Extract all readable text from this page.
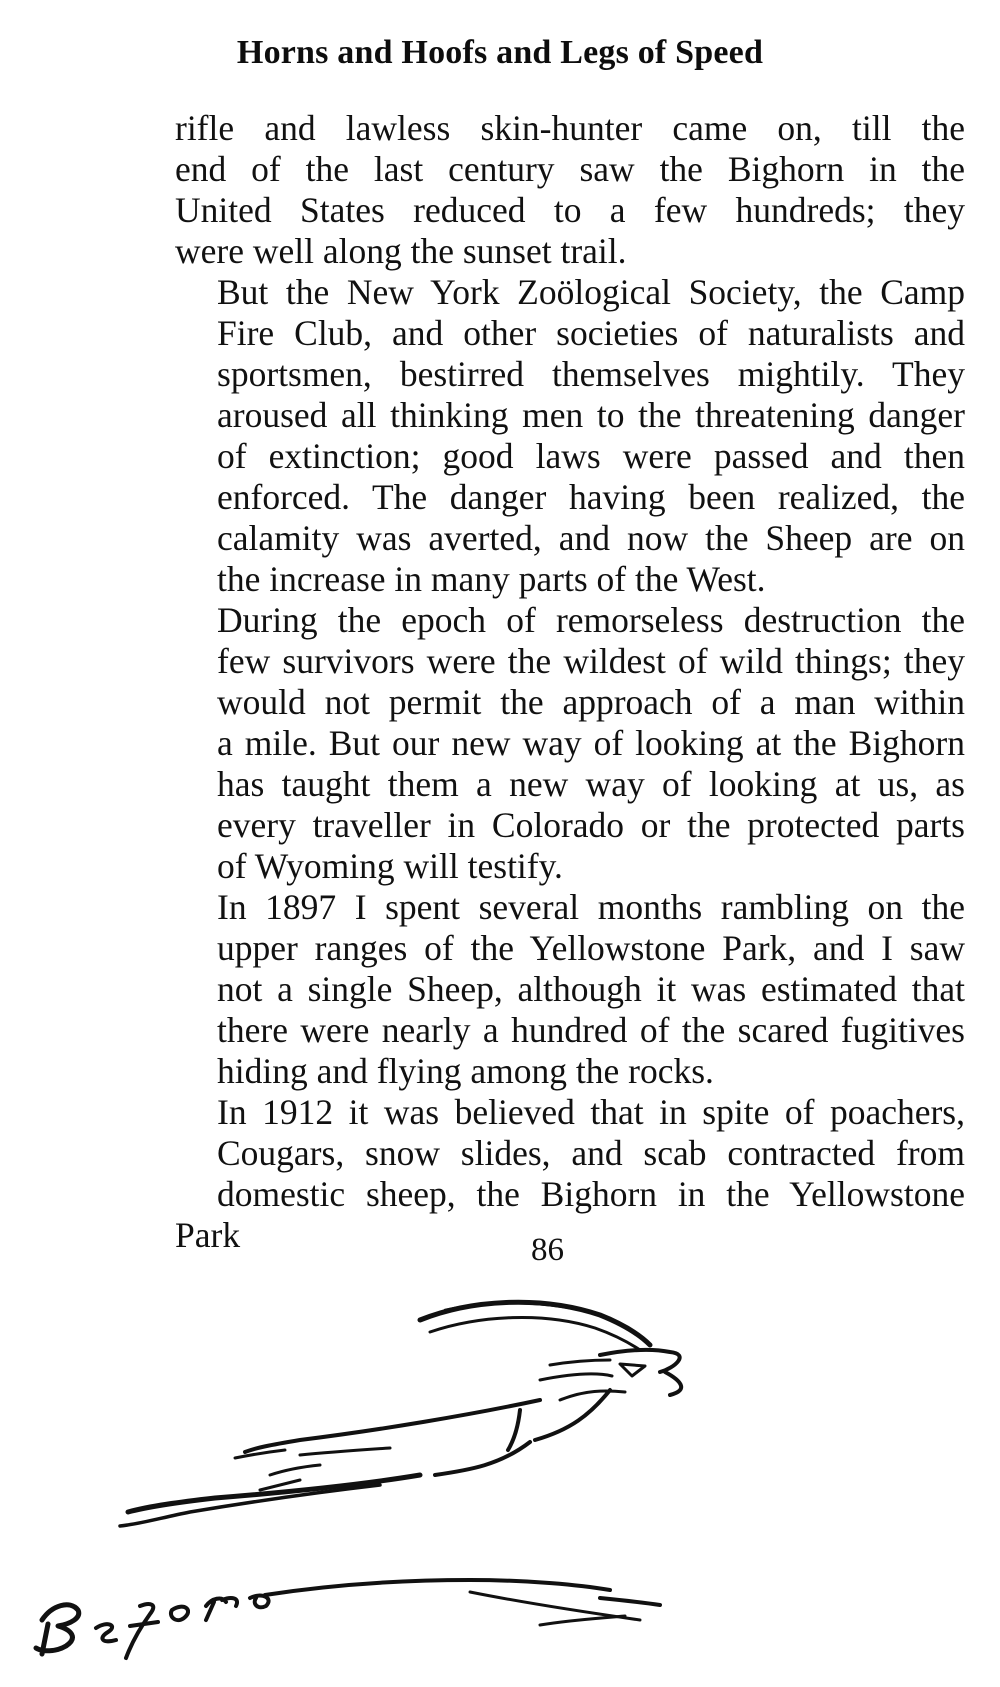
Horns and Hoofs and Legs of Speed

rifle and lawless skin-hunter came on, till the
end of the last century saw the Bighorn in the
United States reduced to a few hundreds; they
were well along the sunset trail.

But the New York Zoölogical Society, the Camp
Fire Club, and other societies of naturalists and
sportsmen, bestirred themselves mightily. They
aroused all thinking men to the threatening danger
of extinction; good laws were passed and then
enforced. The danger having been realized, the
calamity was averted, and now the Sheep are on
the increase in many parts of the West.

During the epoch of remorseless destruction the
few survivors were the wildest of wild things; they
would not permit the approach of a man within
a mile. But our new way of looking at the Bighorn
has taught them a new way of looking at us, as
every traveller in Colorado or the protected parts
of Wyoming will testify.

In 1897 I spent several months rambling on the
upper ranges of the Yellowstone Park, and I saw
not a single Sheep, although it was estimated that
there were nearly a hundred of the scared fugitives
hiding and flying among the rocks.

In 1912 it was believed that in spite of poachers,
Cougars, snow slides, and scab contracted from
domestic sheep, the Bighorn in the Yellowstone Park	86
